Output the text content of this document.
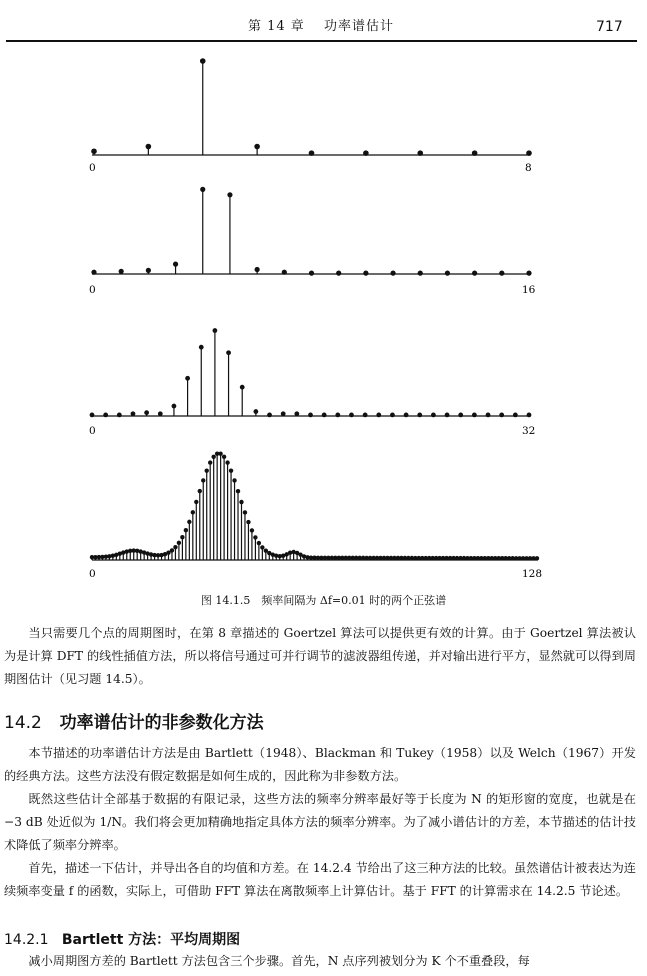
第 14 章　 功率谱估计	717
0	8
0	16
0	32
0	128
图 14.1.5　频率间隔为 Δf=0.01 时的两个正弦谱
当只需要几个点的周期图时，在第 8 章描述的 Goertzel 算法可以提供更有效的计算。由于 Goertzel 算法被认为是计算 DFT 的线性插值方法，所以将信号通过可并行调节的滤波器组传递，并对输出进行平方，显然就可以得到周期图估计（见习题 14.5）。
14.2 功率谱估计的非参数化方法
本节描述的功率谱估计方法是由 Bartlett（1948）、Blackman 和 Tukey（1958）以及 Welch（1967）开发的经典方法。这些方法没有假定数据是如何生成的，因此称为非参数方法。
既然这些估计全部基于数据的有限记录，这些方法的频率分辨率最好等于长度为 N 的矩形窗的宽度，也就是在 −3 dB 处近似为 1/N。我们将会更加精确地指定具体方法的频率分辨率。为了减小谱估计的方差，本节描述的估计技术降低了频率分辨率。
首先，描述一下估计，并导出各自的均值和方差。在 14.2.4 节给出了这三种方法的比较。虽然谱估计被表达为连续频率变量 f 的函数，实际上，可借助 FFT 算法在离散频率上计算估计。基于 FFT 的计算需求在 14.2.5 节论述。
14.2.1 Bartlett 方法：平均周期图
减小周期图方差的 Bartlett 方法包含三个步骤。首先，N 点序列被划分为 K 个不重叠段，每
